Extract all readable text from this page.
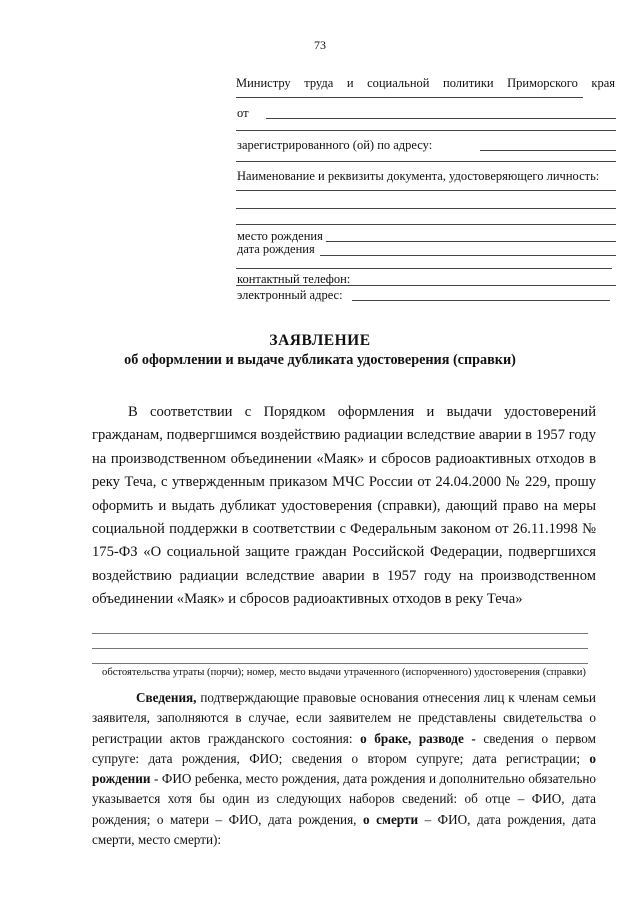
73
Министру труда и социальной политики Приморского края
от
зарегистрированного (ой) по адресу:
Наименование и реквизиты документа, удостоверяющего личность:
место рождения
дата рождения
контактный телефон:
электронный адрес:
ЗАЯВЛЕНИЕ
об оформлении и выдаче дубликата удостоверения (справки)
В соответствии с Порядком оформления и выдачи удостоверений гражданам, подвергшимся воздействию радиации вследствие аварии в 1957 году на производственном объединении «Маяк» и сбросов радиоактивных отходов в реку Теча, с утвержденным приказом МЧС России от 24.04.2000 № 229, прошу оформить и выдать дубликат удостоверения (справки), дающий право на меры социальной поддержки в соответствии с Федеральным законом от 26.11.1998 № 175-ФЗ «О социальной защите граждан Российской Федерации, подвергшихся воздействию радиации вследствие аварии в 1957 году на производственном объединении «Маяк» и сбросов радиоактивных отходов в реку Теча»
обстоятельства утраты (порчи); номер, место выдачи утраченного (испорченного) удостоверения (справки)
Сведения, подтверждающие правовые основания отнесения лиц к членам семьи заявителя, заполняются в случае, если заявителем не представлены свидетельства о регистрации актов гражданского состояния: о браке, разводе - сведения о первом супруге: дата рождения, ФИО; сведения о втором супруге; дата регистрации; о рождении - ФИО ребенка, место рождения, дата рождения и дополнительно обязательно указывается хотя бы один из следующих наборов сведений: об отце – ФИО, дата рождения; о матери – ФИО, дата рождения, о смерти – ФИО, дата рождения, дата смерти, место смерти):
